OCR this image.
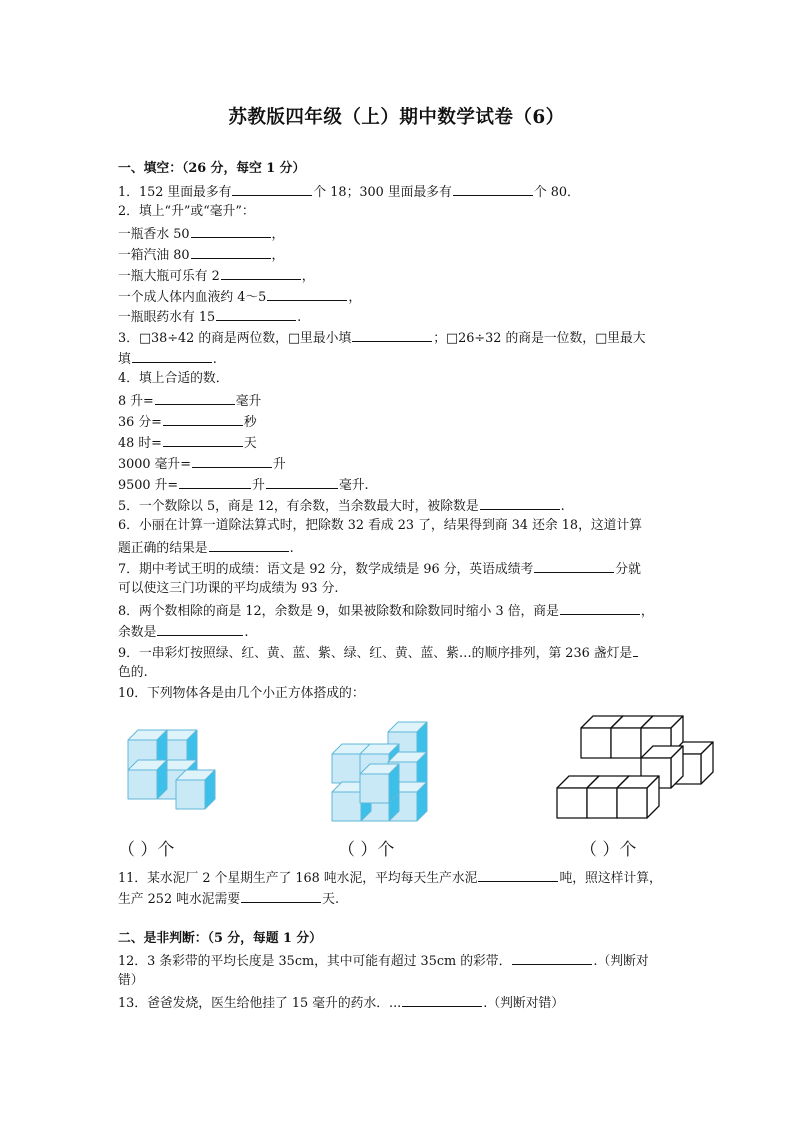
苏教版四年级（上）期中数学试卷（6）
一、填空：（26 分，每空 1 分）
1．152 里面最多有	个 18；300 里面最多有	个 80．
2．填上“升”或“毫升”：
一瓶香水 50	，
一箱汽油 80	，
一瓶大瓶可乐有 2	，
一个成人体内血液约 4～5	，
一瓶眼药水有 15	.
3．□38÷42 的商是两位数，□里最小填	；□26÷32 的商是一位数，□里最大
填	.
4．填上合适的数．
8 升=	毫升
36 分=	秒
48 时=	天
3000 毫升=	升
9500 升=	升	毫升.
5．一个数除以 5，商是 12，有余数，当余数最大时，被除数是	.
6．小丽在计算一道除法算式时，把除数 32 看成 23 了，结果得到商 34 还余 18，这道计算
题正确的结果是	.
7．期中考试王明的成绩：语文是 92 分，数学成绩是 96 分，英语成绩考	分就
可以使这三门功课的平均成绩为 93 分.
8．两个数相除的商是 12，余数是 9，如果被除数和除数同时缩小 3 倍，商是	，
余数是	.
9．一串彩灯按照绿、红、黄、蓝、紫、绿、红、黄、蓝、紫…的顺序排列，第 236 盏灯是
色的.
10．下列物体各是由几个小正方体搭成的：
（ ）个	（ ）个	（ ）个
11．某水泥厂 2 个星期生产了 168 吨水泥，平均每天生产水泥	吨，照这样计算，
生产 252 吨水泥需要	天.
二、是非判断：（5 分，每题 1 分）
12．3 条彩带的平均长度是 35cm，其中可能有超过 35cm 的彩带．	.（判断对
错）
13．爸爸发烧，医生给他挂了 15 毫升的药水．...	.（判断对错）
